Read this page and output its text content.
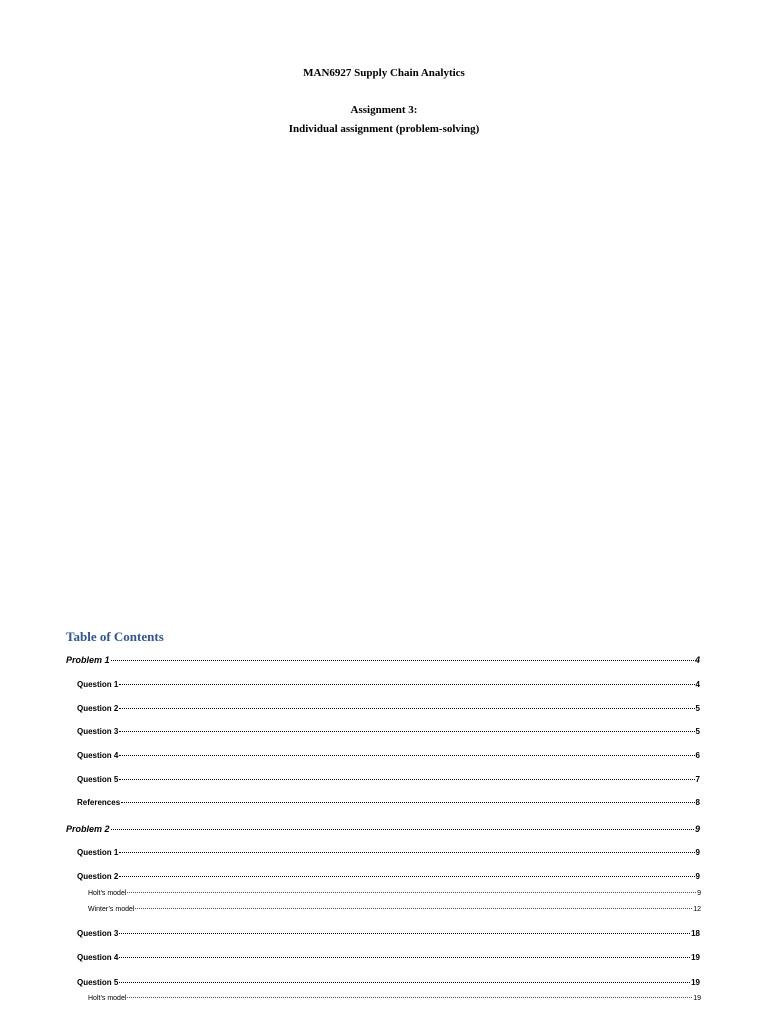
MAN6927 Supply Chain Analytics
Assignment 3:
Individual assignment (problem-solving)
Table of Contents
Problem 1	4
Question 1	4
Question 2	5
Question 3	5
Question 4	6
Question 5	7
References	8
Problem 2	9
Question 1	9
Question 2	9
Holt’s model	9
Winter’s model	12
Question 3	18
Question 4	19
Question 5	19
Holt’s model	19
